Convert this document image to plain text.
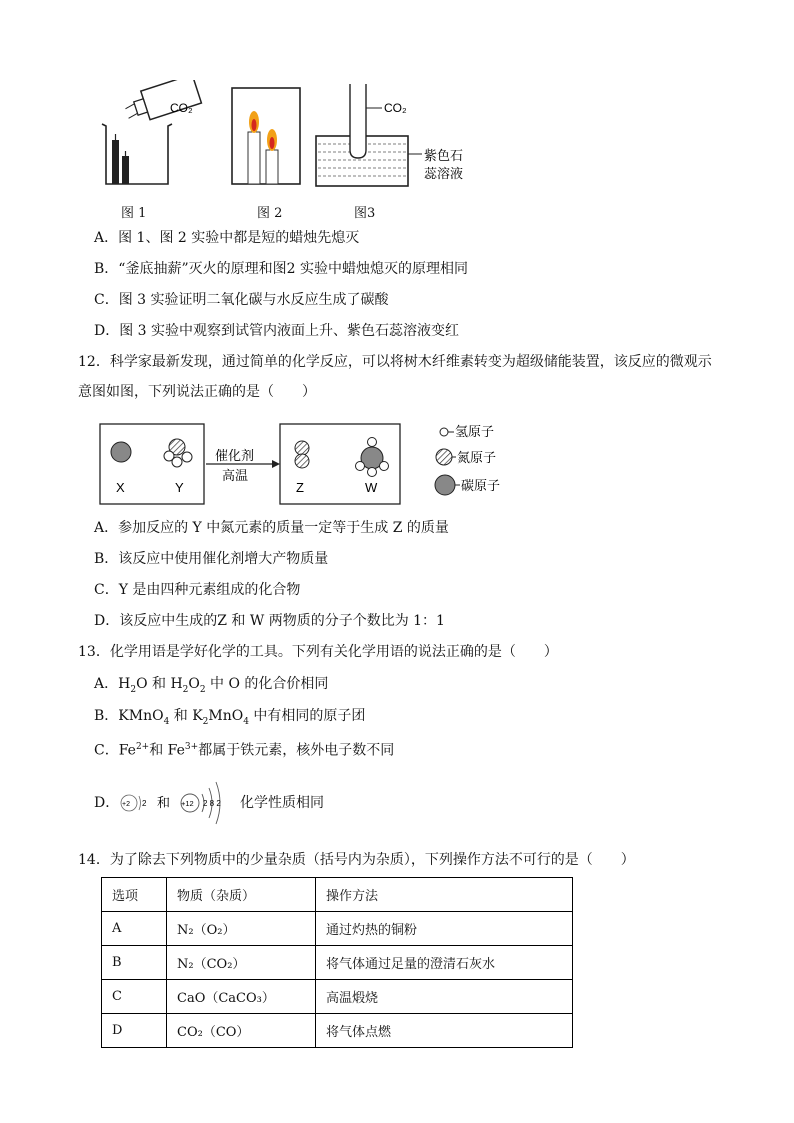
CO₂	CO₂
紫色石
蕊溶液
图 1	图 2	图3
A．图 1、图 2 实验中都是短的蜡烛先熄灭
B．“釜底抽薪”灭火的原理和图2 实验中蜡烛熄灭的原理相同
C．图 3 实验证明二氧化碳与水反应生成了碳酸
D．图 3 实验中观察到试管内液面上升、紫色石蕊溶液变红
12．科学家最新发现，通过简单的化学反应，可以将树木纤维素转变为超级储能装置，该反应的微观示
意图如图，下列说法正确的是（　　）
X	Y
催化剂
高温
Z	W
氢原子
氮原子
碳原子
A．参加反应的 Y 中氮元素的质量一定等于生成 Z 的质量
B．该反应中使用催化剂增大产物质量
C．Y 是由四种元素组成的化合物
D．该反应中生成的Z 和 W 两物质的分子个数比为 1：1
13．化学用语是学好化学的工具。下列有关化学用语的说法正确的是（　　）
A．$H_2O$ 和 $H_2O_2$ 中 O 的化合价相同
B．KMnO$_4$ 和 $K_2MnO_4$ 中有相同的原子团
C．$Fe^{2+}$和 $Fe^{3+}$都属于铁元素，核外电子数不同
D． +2 2 和 +12 2 8 2 化学性质相同
14．为了除去下列物质中的少量杂质（括号内为杂质），下列操作方法不可行的是（　　）
选项	物质（杂质）	操作方法
A	N₂（O₂）	通过灼热的铜粉
B	N₂（CO₂）	将气体通过足量的澄清石灰水
C	CaO（CaCO₃）	高温煅烧
D	CO₂（CO）	将气体点燃
